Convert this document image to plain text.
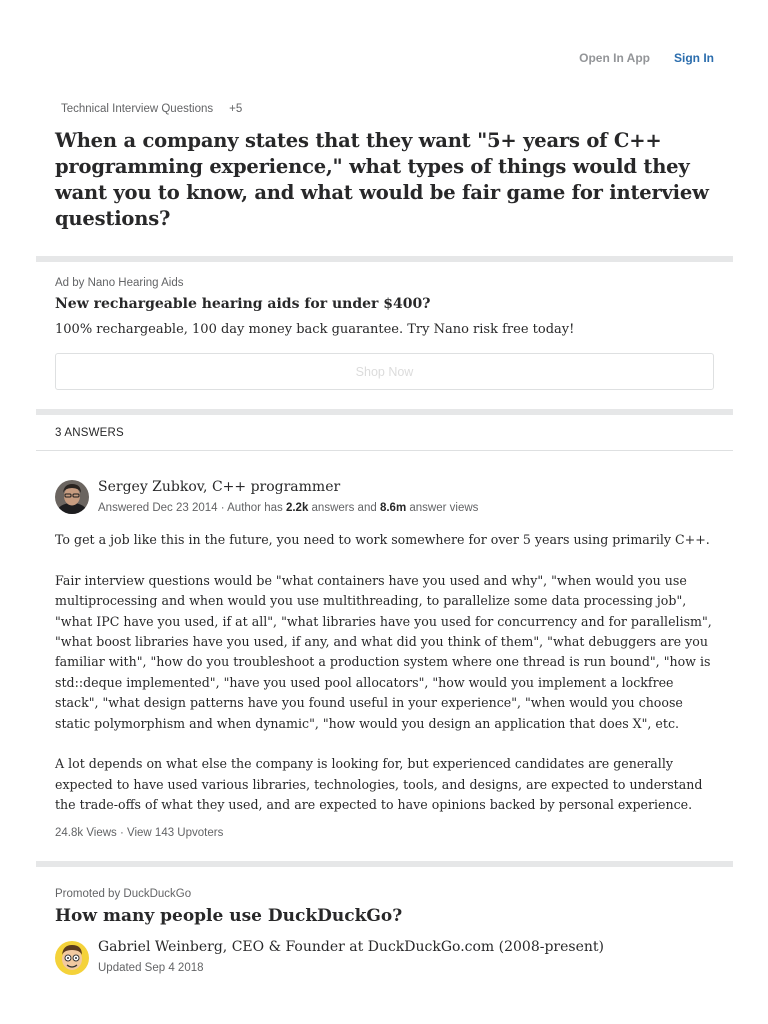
Open In App Sign In
Technical Interview Questions +5
When a company states that they want "5+ years of C++ programming experience," what types of things would they want you to know, and what would be fair game for interview questions?
Ad by Nano Hearing Aids
New rechargeable hearing aids for under $400?
100% rechargeable, 100 day money back guarantee. Try Nano risk free today!
Shop Now
3 ANSWERS
Sergey Zubkov, C++ programmer
Answered Dec 23 2014 · Author has 2.2k answers and 8.6m answer views

To get a job like this in the future, you need to work somewhere for over 5 years using primarily C++.

Fair interview questions would be "what containers have you used and why", "when would you use multiprocessing and when would you use multithreading, to parallelize some data processing job", "what IPC have you used, if at all", "what libraries have you used for concurrency and for parallelism", "what boost libraries have you used, if any, and what did you think of them", "what debuggers are you familiar with", "how do you troubleshoot a production system where one thread is run bound", "how is std::deque implemented", "have you used pool allocators", "how would you implement a lockfree stack", "what design patterns have you found useful in your experience", "when would you choose static polymorphism and when dynamic", "how would you design an application that does X", etc.

A lot depends on what else the company is looking for, but experienced candidates are generally expected to have used various libraries, technologies, tools, and designs, are expected to understand the trade-offs of what they used, and are expected to have opinions backed by personal experience.

24.8k Views · View 143 Upvoters
Promoted by DuckDuckGo
How many people use DuckDuckGo?
Gabriel Weinberg, CEO & Founder at DuckDuckGo.com (2008-present)
Updated Sep 4 2018
